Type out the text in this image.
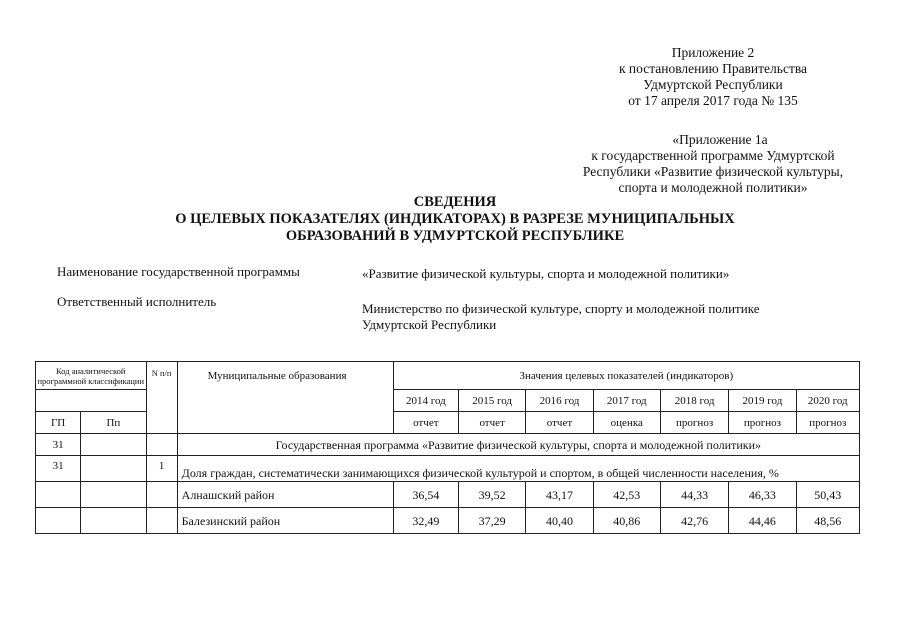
Приложение 2
к постановлению Правительства
Удмуртской Республики
от 17 апреля 2017 года № 135
«Приложение 1а
к государственной программе Удмуртской
Республики «Развитие физической культуры,
спорта и молодежной политики»
СВЕДЕНИЯ
О ЦЕЛЕВЫХ ПОКАЗАТЕЛЯХ (ИНДИКАТОРАХ) В РАЗРЕЗЕ МУНИЦИПАЛЬНЫХ
ОБРАЗОВАНИЙ В УДМУРТСКОЙ РЕСПУБЛИКЕ
Наименование государственной программы	«Развитие физической культуры, спорта и молодежной политики»
Ответственный исполнитель	Министерство по физической культуре, спорту и молодежной политике
Удмуртской Республики
Код аналитической программной классификации		N п/п	Муниципальные образования	Значения целевых показателей (индикаторов)						
				2014 год	2015 год	2016 год	2017 год	2018 год	2019 год	2020 год
ГП	Пп			отчет	отчет	отчет	оценка	прогноз	прогноз	прогноз
31			Государственная программа «Развитие физической культуры, спорта и молодежной политики»							
31		1	Доля граждан, систематически занимающихся физической культурой и спортом, в общей численности населения, %							
			Алнашский район	36,54	39,52	43,17	42,53	44,33	46,33	50,43
			Балезинский район	32,49	37,29	40,40	40,86	42,76	44,46	48,56
